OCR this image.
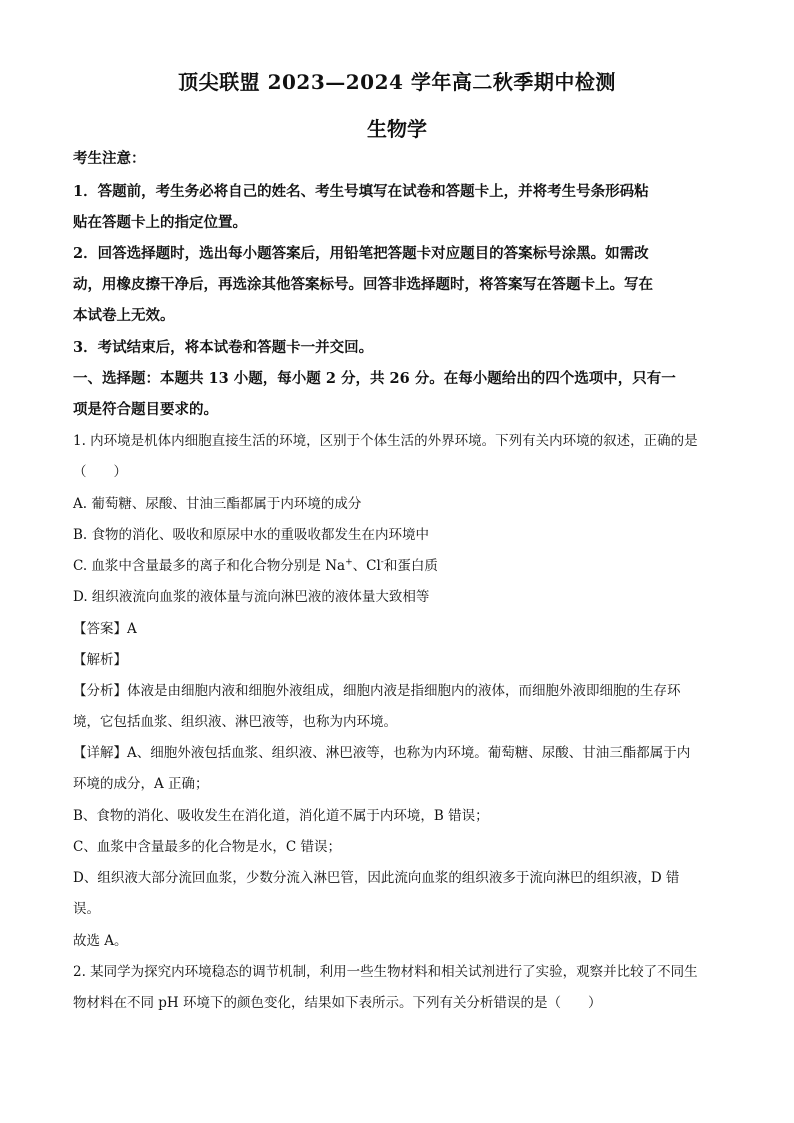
顶尖联盟 2023—2024 学年高二秋季期中检测
生物学
考生注意：
1．答题前，考生务必将自己的姓名、考生号填写在试卷和答题卡上，并将考生号条形码粘
贴在答题卡上的指定位置。
2．回答选择题时，选出每小题答案后，用铅笔把答题卡对应题目的答案标号涂黑。如需改
动，用橡皮擦干净后，再选涂其他答案标号。回答非选择题时，将答案写在答题卡上。写在
本试卷上无效。
3．考试结束后，将本试卷和答题卡一并交回。
一、选择题：本题共 13 小题，每小题 2 分，共 26 分。在每小题给出的四个选项中，只有一
项是符合题目要求的。
1. 内环境是机体内细胞直接生活的环境，区别于个体生活的外界环境。下列有关内环境的叙述，正确的是
（　　）
A. 葡萄糖、尿酸、甘油三酯都属于内环境的成分
B. 食物的消化、吸收和原尿中水的重吸收都发生在内环境中
C. 血浆中含量最多的离子和化合物分别是 Na+、Cl-和蛋白质
D. 组织液流向血浆的液体量与流向淋巴液的液体量大致相等
【答案】A
【解析】
【分析】体液是由细胞内液和细胞外液组成，细胞内液是指细胞内的液体，而细胞外液即细胞的生存环
境，它包括血浆、组织液、淋巴液等，也称为内环境。
【详解】A、细胞外液包括血浆、组织液、淋巴液等，也称为内环境。葡萄糖、尿酸、甘油三酯都属于内
环境的成分，A 正确；
B、食物的消化、吸收发生在消化道，消化道不属于内环境，B 错误；
C、血浆中含量最多的化合物是水，C 错误；
D、组织液大部分流回血浆，少数分流入淋巴管，因此流向血浆的组织液多于流向淋巴的组织液，D 错
误。
故选 A。
2. 某同学为探究内环境稳态的调节机制，利用一些生物材料和相关试剂进行了实验，观察并比较了不同生
物材料在不同 pH 环境下的颜色变化，结果如下表所示。下列有关分析错误的是（　　）
